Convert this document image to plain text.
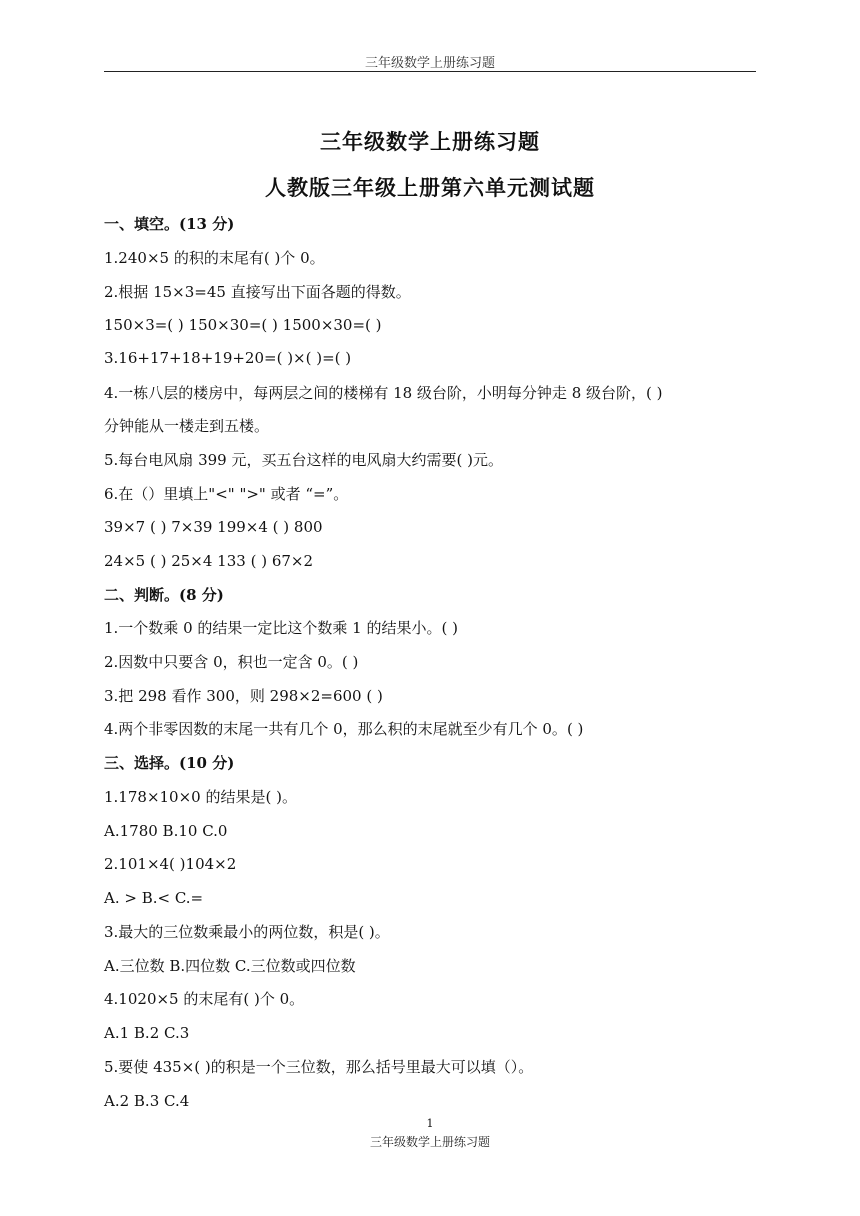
三年级数学上册练习题
三年级数学上册练习题
人教版三年级上册第六单元测试题
一、填空。(13 分)
1.240×5 的积的末尾有( )个 0。
2.根据 15×3=45 直接写出下面各题的得数。
150×3=( ) 150×30=( ) 1500×30=( )
3.16+17+18+19+20=( )×( )=( )
4.一栋八层的楼房中，每两层之间的楼梯有 18 级台阶，小明每分钟走 8 级台阶，( )
分钟能从一楼走到五楼。
5.每台电风扇 399 元，买五台这样的电风扇大约需要( )元。
6.在（）里填上"<" ">" 或者 “=”。
39×7 ( ) 7×39 199×4 ( ) 800
24×5 ( ) 25×4 133 ( ) 67×2
二、判断。(8 分)
1.一个数乘 0 的结果一定比这个数乘 1 的结果小。( )
2.因数中只要含 0，积也一定含 0。( )
3.把 298 看作 300，则 298×2=600 ( )
4.两个非零因数的末尾一共有几个 0，那么积的末尾就至少有几个 0。( )
三、选择。(10 分)
1.178×10×0 的结果是( )。
A.1780 B.10 C.0
2.101×4( )104×2
A. > B.< C.=
3.最大的三位数乘最小的两位数，积是( )。
A.三位数 B.四位数 C.三位数或四位数
4.1020×5 的末尾有( )个 0。
A.1 B.2 C.3
5.要使 435×( )的积是一个三位数，那么括号里最大可以填（）。
A.2 B.3 C.4
1
三年级数学上册练习题
